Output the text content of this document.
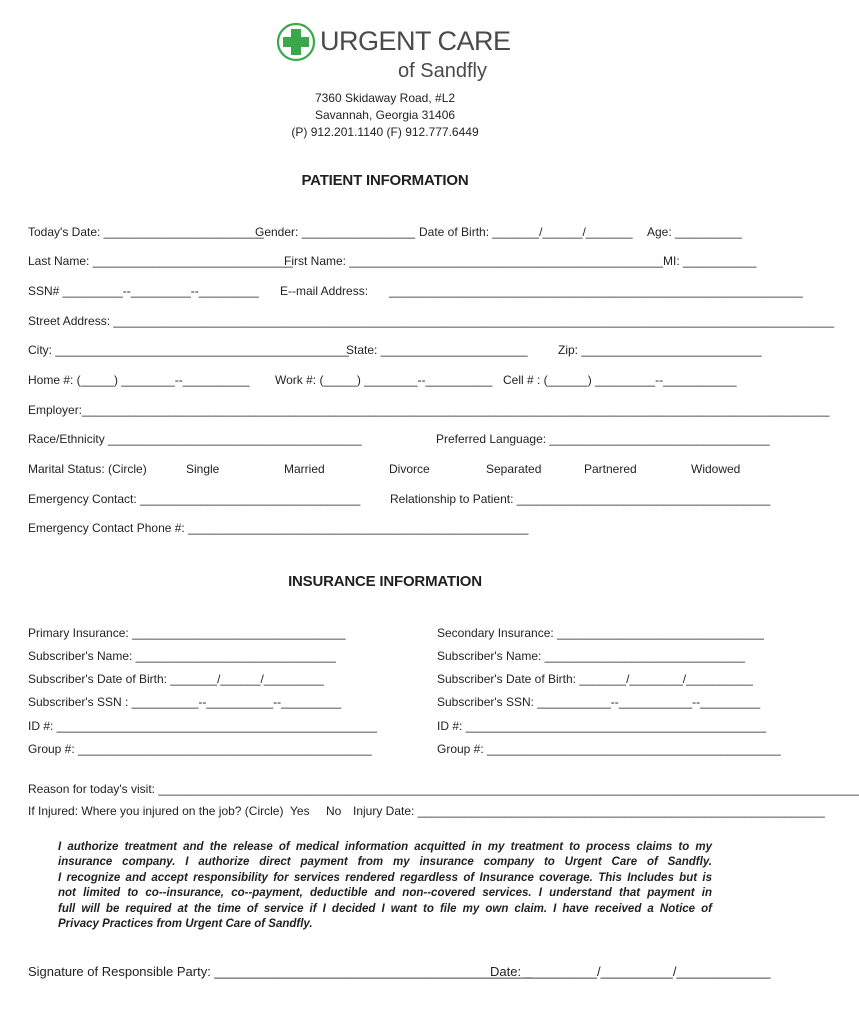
URGENT CARE
of Sandfly
7360 Skidaway Road, #L2
Savannah, Georgia 31406
(P) 912.201.1140 (F) 912.777.6449
PATIENT INFORMATION
Today's Date: ________________________
Gender: _________________ Date of Birth: _______/______/_______ Age: __________
Last Name: ______________________________
First Name: _______________________________________________MI: ___________
SSN# _________--_________--_________ E--mail Address: ______________________________________________________________
Street Address: ____________________________________________________________________________________________________________
City: ____________________________________________
State: ______________________	Zip: ___________________________
Home #: (_____) ________--__________ Work #: (_____) ________--__________ Cell # : (______) _________--___________
Employer:________________________________________________________________________________________________________________
Race/Ethnicity ______________________________________	Preferred Language: _________________________________
Marital Status: (Circle)	Single	Married	Divorce	Separated	Partnered	Widowed
Emergency Contact: _________________________________ Relationship to Patient: ______________________________________
Emergency Contact Phone #: ___________________________________________________
INSURANCE INFORMATION
Primary Insurance: ________________________________
Subscriber's Name: ______________________________
Subscriber's Date of Birth: _______/______/_________
Subscriber's SSN : __________--__________--_________
ID #: ________________________________________________
Group #: ____________________________________________
Secondary Insurance: _______________________________
Subscriber's Name: ______________________________
Subscriber's Date of Birth: _______/________/__________
Subscriber's SSN: ___________--___________--_________
ID #: _____________________________________________
Group #: ____________________________________________
Reason for today's visit: _________________________________________________________________________________________________________
If Injured: Where you injured on the job? (Circle) Yes No Injury Date: _____________________________________________________________
I authorize treatment and the release of medical information acquitted in my treatment to process claims to my
insurance company. I authorize direct payment from my insurance company to Urgent Care of Sandfly.
I recognize and accept responsibility for services rendered regardless of Insurance coverage. This Includes but is
not limited to co--insurance, co--payment, deductible and non--covered services. I understand that payment in
full will be required at the time of service if I decided I want to file my own claim. I have received a Notice of
Privacy Practices from Urgent Care of Sandfly.
Signature of Responsible Party: ____________________________________________
Date: __________/__________/_____________
